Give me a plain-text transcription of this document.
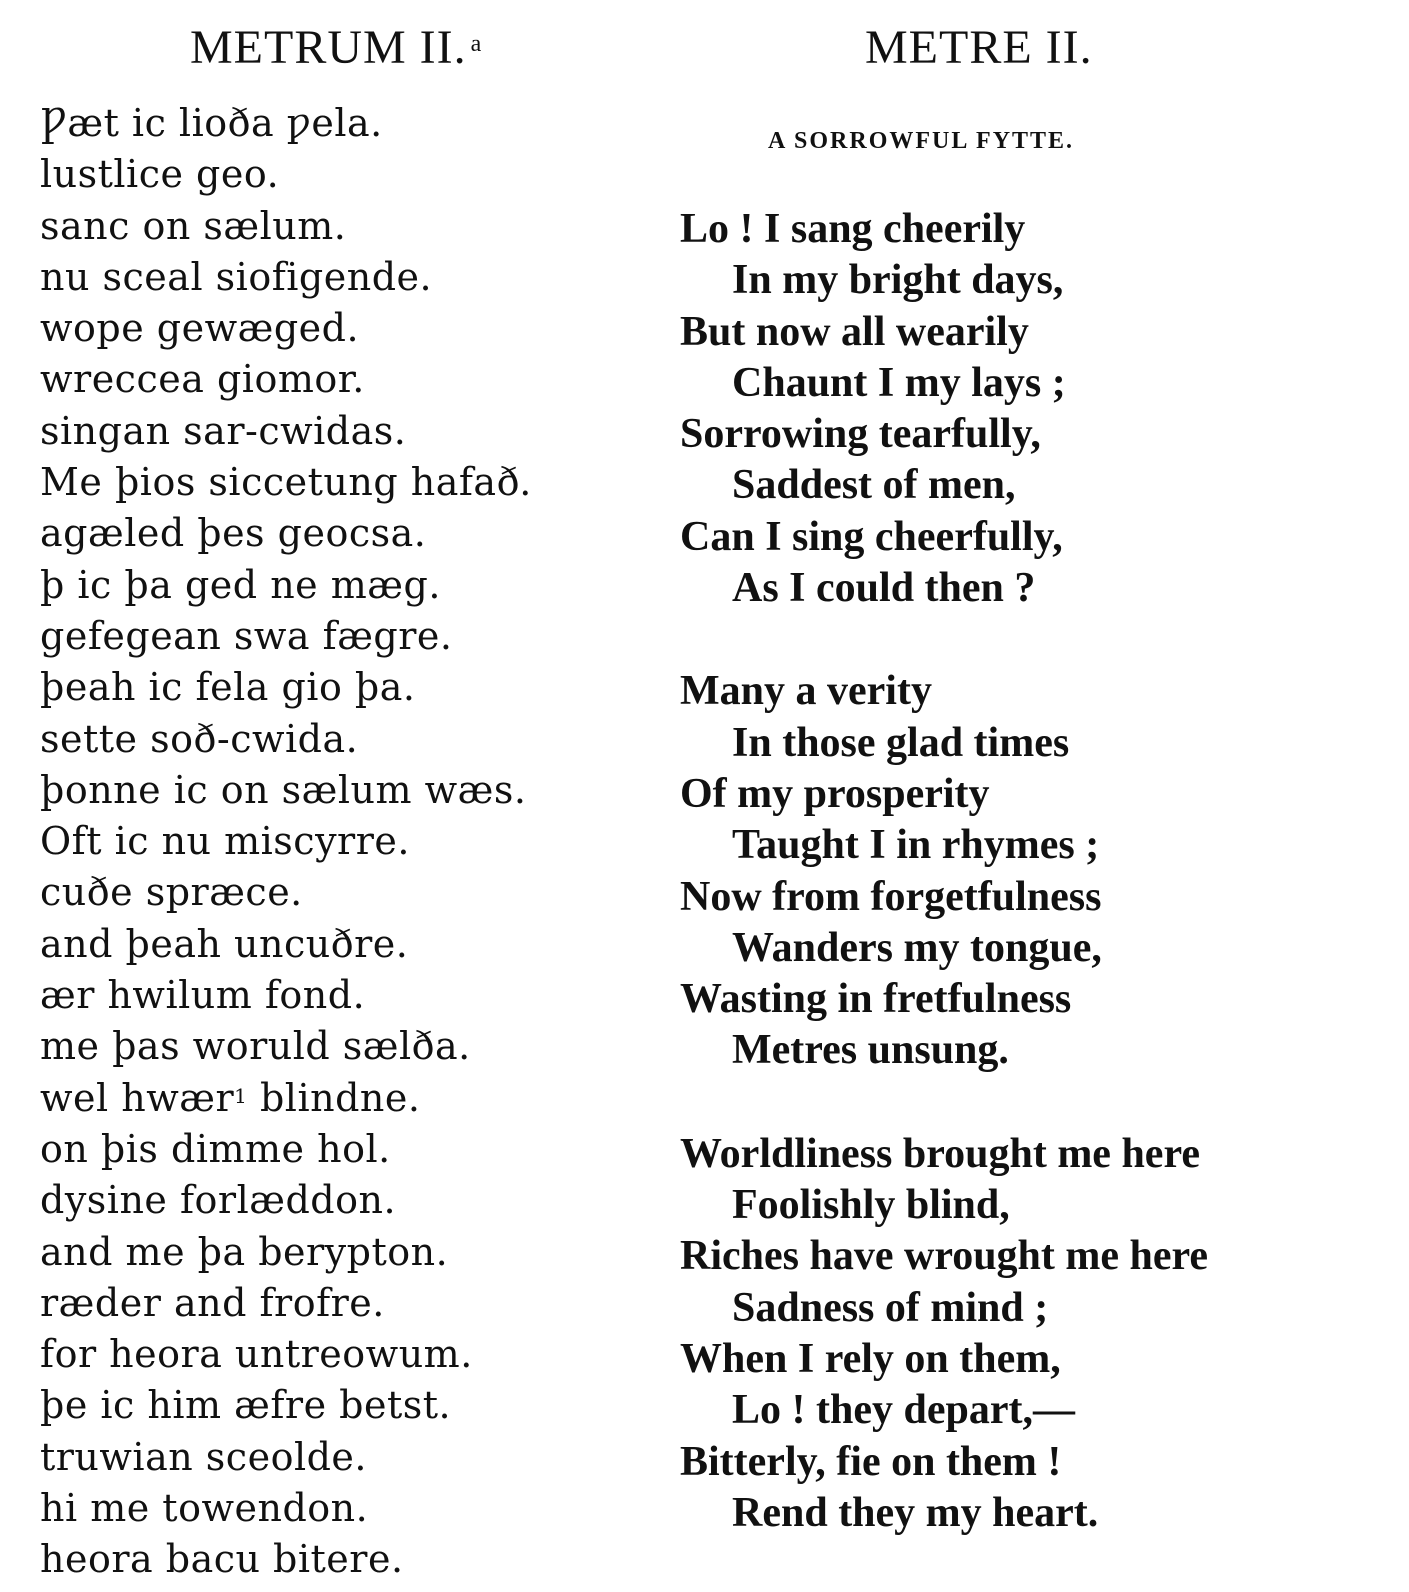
METRUM II. $^a$
Ƿæt ic lioða ƿela.
lustlice geo.
sanc on sælum.
nu sceal siofigende.
wope gewæged.
wreccea giomor.
singan sar-cwidas.
Me þios siccetung hafað.
agæled þes geocsa.
þ ic þa ged ne mæg.
gefegean swa fægre.
þeah ic fela gio þa.
sette soð-cwida.
þonne ic on sælum wæs.
Oft ic nu miscyrre.
cuðe spræce.
and þeah uncuðre.
ær hwilum fond.
me þas woruld sælða.
wel hwær$^1$ blindne.
on þis dimme hol.
dysine forlæddon.
and me þa berypton.
ræder and frofre.
for heora untreowum.
þe ic him æfre betst.
truwian sceolde.
hi me towendon.
heora bacu bitere.
METRE II.
A SORROWFUL FYTTE.
Lo ! I sang cheerily
In my bright days,
But now all wearily
Chaunt I my lays ;
Sorrowing tearfully,
Saddest of men,
Can I sing cheerfully,
As I could then ?
Many a verity
In those glad times
Of my prosperity
Taught I in rhymes ;
Now from forgetfulness
Wanders my tongue,
Wasting in fretfulness
Metres unsung.
Worldliness brought me here
Foolishly blind,
Riches have wrought me here
Sadness of mind ;
When I rely on them,
Lo ! they depart,—
Bitterly, fie on them !
Rend they my heart.
